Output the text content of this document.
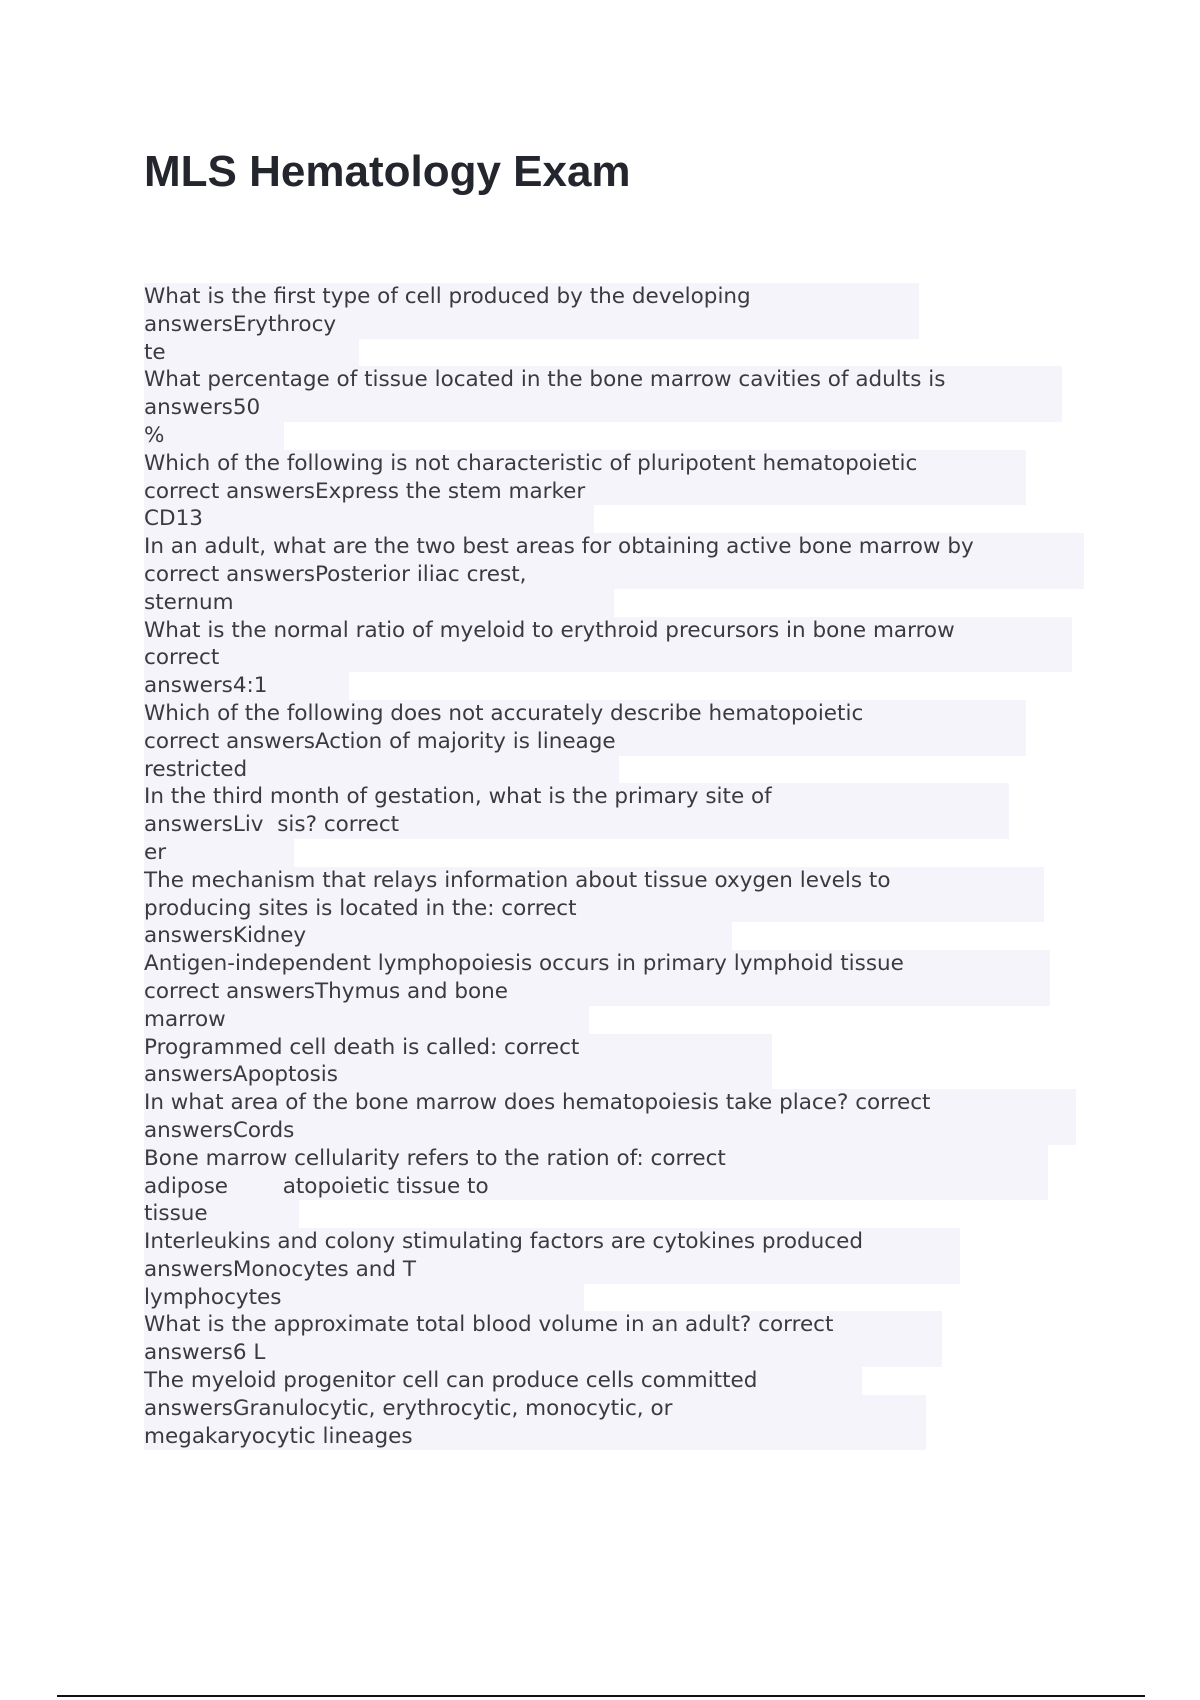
MLS Hematology Exam
What is the first type of cell produced by the developing
answersErythrocy
te
What percentage of tissue located in the bone marrow cavities of adults is
answers50
%
Which of the following is not characteristic of pluripotent hematopoietic
correct answersExpress the stem marker
CD13
In an adult, what are the two best areas for obtaining active bone marrow by
correct answersPosterior iliac crest,
sternum
What is the normal ratio of myeloid to erythroid precursors in bone marrow
correct
answers4:1
Which of the following does not accurately describe hematopoietic
correct answersAction of majority is lineage
restricted
In the third month of gestation, what is the primary site of
answersLiv  sis? correct
er
The mechanism that relays information about tissue oxygen levels to
producing sites is located in the: correct
answersKidney
Antigen-independent lymphopoiesis occurs in primary lymphoid tissue
correct answersThymus and bone
marrow
Programmed cell death is called: correct
answersApoptosis
In what area of the bone marrow does hematopoiesis take place? correct
answersCords
Bone marrow cellularity refers to the ration of: correct
adipose        atopoietic tissue to
tissue
Interleukins and colony stimulating factors are cytokines produced
answersMonocytes and T
lymphocytes
What is the approximate total blood volume in an adult? correct
answers6 L
The myeloid progenitor cell can produce cells committed
answersGranulocytic, erythrocytic, monocytic, or
megakaryocytic lineages
